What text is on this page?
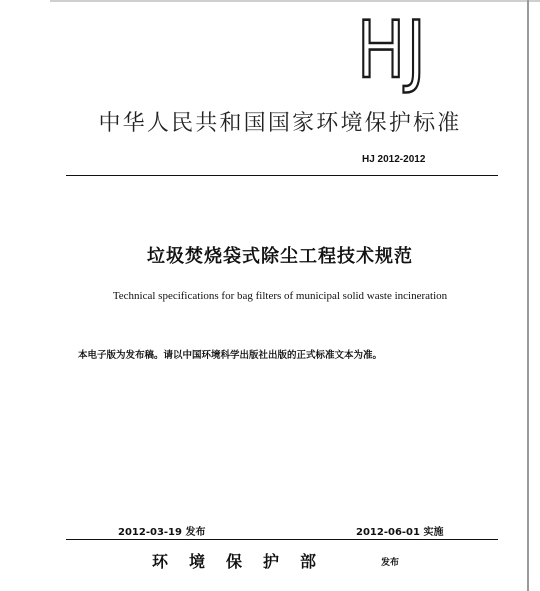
HJ
中华人民共和国国家环境保护标准
HJ 2012-2012
垃圾焚烧袋式除尘工程技术规范
Technical specifications for bag filters of municipal solid waste incineration
本电子版为发布稿。请以中国环境科学出版社出版的正式标准文本为准。
2012-03-19 发布	2012-06-01 实施
环境保护部	发布
